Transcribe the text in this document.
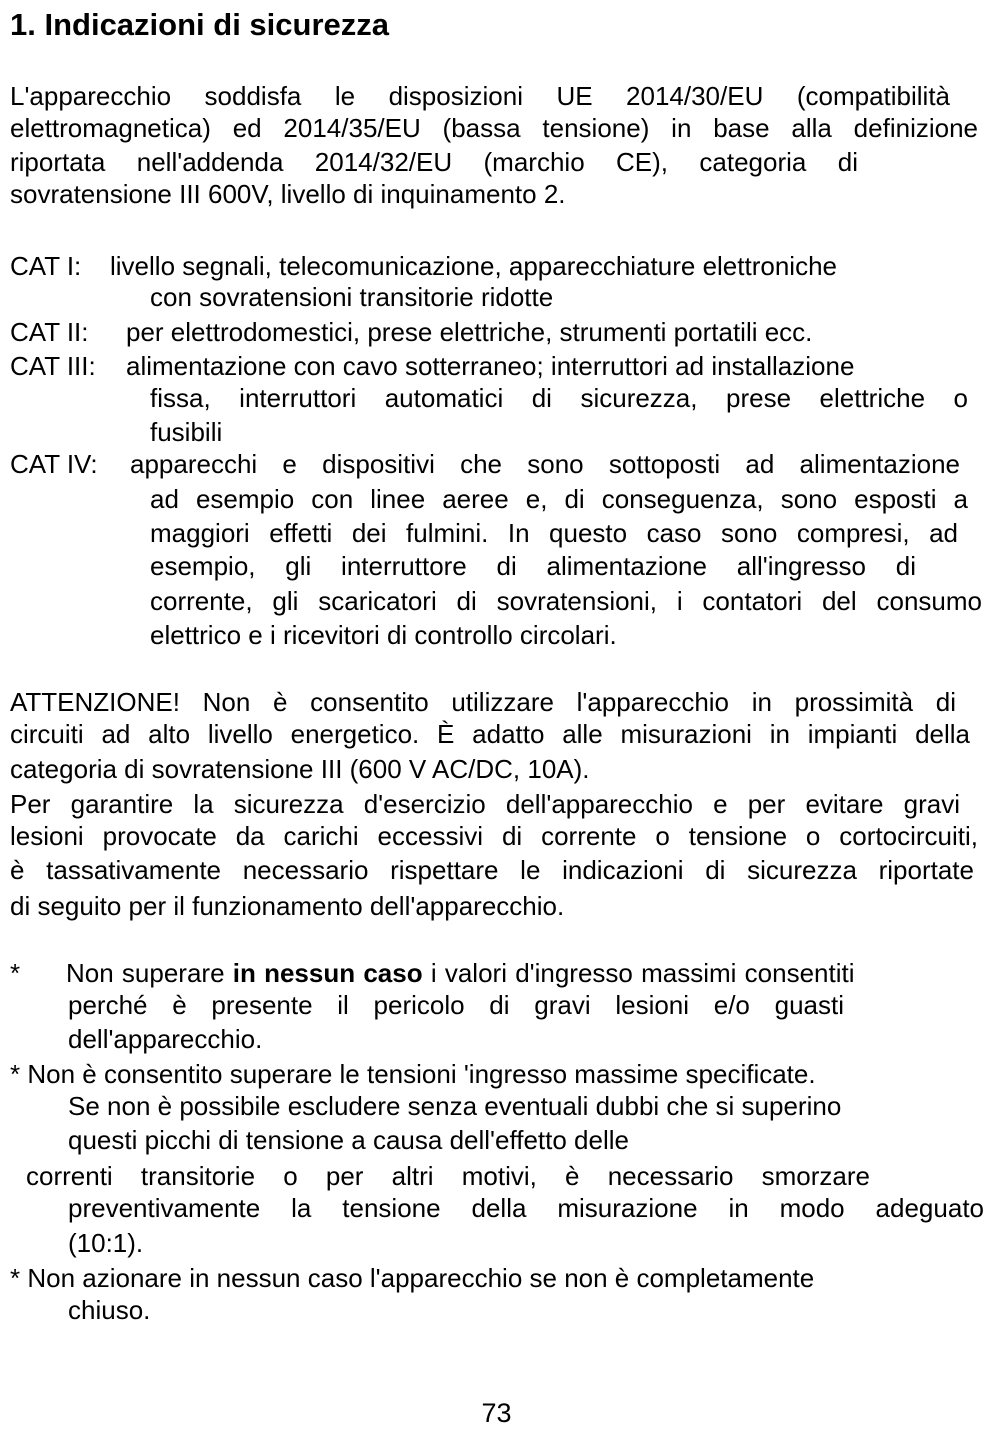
1. Indicazioni di sicurezza
L'apparecchio soddisfa le disposizioni UE 2014/30/EU (compatibilità
elettromagnetica) ed 2014/35/EU (bassa tensione) in base alla definizione
riportata nell'addenda 2014/32/EU (marchio CE), categoria di
sovratensione III 600V, livello di inquinamento 2.
CAT I: livello segnali, telecomunicazione, apparecchiature elettroniche
con sovratensioni transitorie ridotte
CAT II: per elettrodomestici, prese elettriche, strumenti portatili ecc.
CAT III: alimentazione con cavo sotterraneo; interruttori ad installazione
fissa, interruttori automatici di sicurezza, prese elettriche o
fusibili
CAT IV: apparecchi e dispositivi che sono sottoposti ad alimentazione
ad esempio con linee aeree e, di conseguenza, sono esposti a
maggiori effetti dei fulmini. In questo caso sono compresi, ad
esempio, gli interruttore di alimentazione all'ingresso di
corrente, gli scaricatori di sovratensioni, i contatori del consumo
elettrico e i ricevitori di controllo circolari.
ATTENZIONE! Non è consentito utilizzare l'apparecchio in prossimità di
circuiti ad alto livello energetico. È adatto alle misurazioni in impianti della
categoria di sovratensione III (600 V AC/DC, 10A).
Per garantire la sicurezza d'esercizio dell'apparecchio e per evitare gravi
lesioni provocate da carichi eccessivi di corrente o tensione o cortocircuiti,
è tassativamente necessario rispettare le indicazioni di sicurezza riportate
di seguito per il funzionamento dell'apparecchio.
* Non superare in nessun caso i valori d'ingresso massimi consentiti
perché è presente il pericolo di gravi lesioni e/o guasti
dell'apparecchio.
* Non è consentito superare le tensioni 'ingresso massime specificate.
Se non è possibile escludere senza eventuali dubbi che si superino
questi picchi di tensione a causa dell'effetto delle
correnti transitorie o per altri motivi, è necessario smorzare
preventivamente la tensione della misurazione in modo adeguato
(10:1).
* Non azionare in nessun caso l'apparecchio se non è completamente
chiuso.
73
